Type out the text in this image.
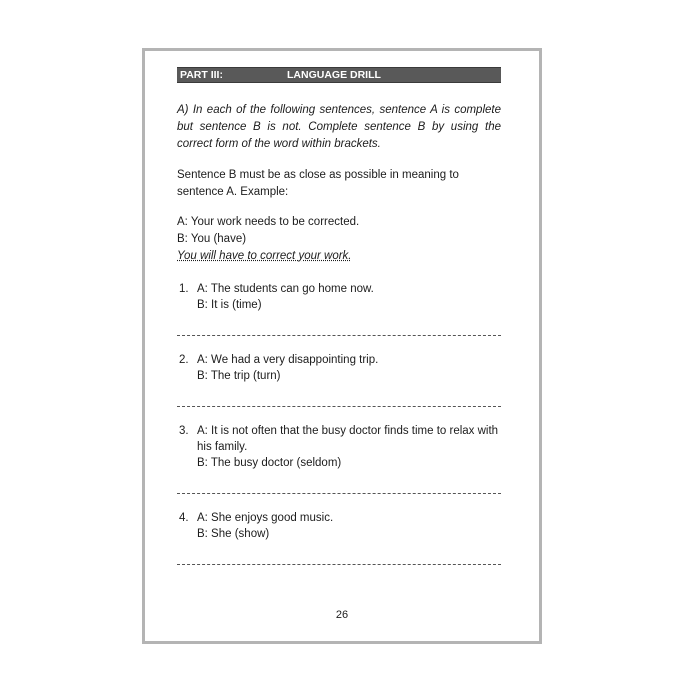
PART III:	LANGUAGE DRILL
A) In each of the following sentences, sentence A is complete but sentence B is not. Complete sentence B by using the correct form of the word within brackets.
Sentence B must be as close as possible in meaning to sentence A. Example:
A: Your work needs to be corrected.
B: You (have)
You will have to correct your work.
1. A: The students can go home now.
B: It is (time)
2. A: We had a very disappointing trip.
B: The trip (turn)
3. A: It is not often that the busy doctor finds time to relax with his family.
B: The busy doctor (seldom)
4. A: She enjoys good music.
B: She (show)
26
